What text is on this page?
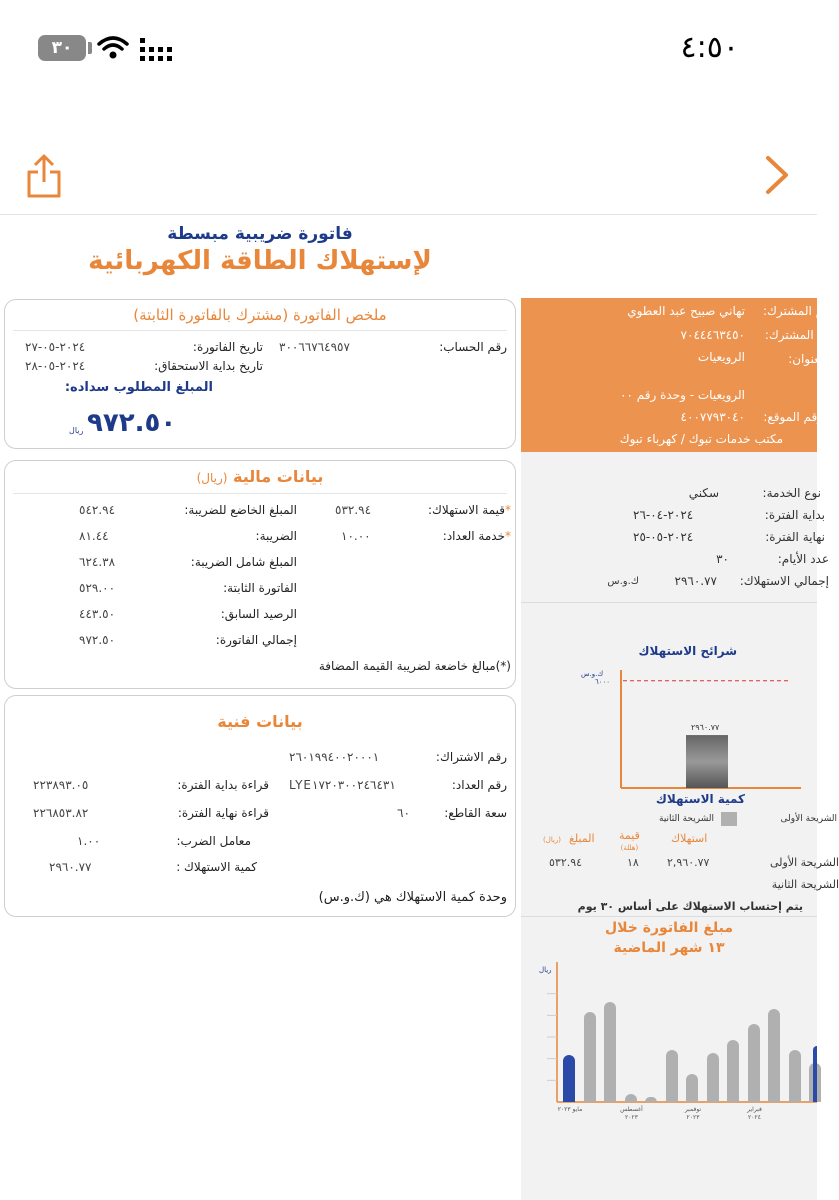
٣٠	٤:٥٠
فاتورة ضريبية مبسطة
لإستهلاك الطاقة الكهربائية
ملخص الفاتورة (مشترك بالفاتورة الثابتة)
رقم الحساب:
٣٠٠٦٦٧٦٤٩٥٧
تاريخ الفاتورة:
٢٠٢٤-٠٥-٢٧
تاريخ بداية الاستحقاق:
٢٠٢٤-٠٥-٢٨
المبلغ المطلوب سداده:
٩٧٢.٥٠
ريال
بيانات مالية (ريال)
*قيمة الاستهلاك:
٥٣٢.٩٤
*خدمة العداد:
١٠.٠٠
المبلغ الخاضع للضريبة:
٥٤٢.٩٤
الضريبة:
٨١.٤٤
المبلغ شامل الضريبة:
٦٢٤.٣٨
الفاتورة الثابتة:
٥٢٩.٠٠
الرصيد السابق:
٤٤٣.٥٠
إجمالي الفاتورة:
٩٧٢.٥٠
(*)مبالغ خاضعة لضريبة القيمة المضافة
بيانات فنية
رقم الاشتراك:
٢٦٠١٩٩٤٠٠٢٠٠٠١
رقم العداد:
LYE١٧٢٠٣٠٠٢٤٦٤٣١
سعة القاطع:
٦٠
قراءة بداية الفترة:
٢٢٣٨٩٣.٠٥
قراءة نهاية الفترة:
٢٢٦٨٥٣.٨٢
معامل الضرب:
١.٠٠
كمية الاستهلاك :
٢٩٦٠.٧٧
وحدة كمية الاستهلاك هي (ك.و.س)
اسم المشترك:
تهاني صبيح عبد العطوي
رقم المشترك:
٧٠٤٤٤٦٣٤٥٠
العنوان:
الرويعيات
الرويعيات - وحدة رقم ٠٠
رقم الموقع:
٤٠٠٧٧٩٣٠٤٠
مكتب خدمات تبوك / كهرباء تبوك
نوع الخدمة:
سكني
بداية الفترة:
٢٠٢٤-٠٤-٢٦
نهاية الفترة:
٢٠٢٤-٠٥-٢٥
عدد الأيام:
٣٠
إجمالي الاستهلاك:
٢٩٦٠.٧٧
ك.و.س
شرائح الاستهلاك
ك.و.س
٦٠٠٠
٢٩٦٠.٧٧
كمية الاستهلاك
الشريحة الأولى
الشريحة الثانية
استهلاك
قيمة
(هللة)
المبلغ
(ريال)
الشريحة الأولى
٢,٩٦٠.٧٧
١٨
٥٣٢.٩٤
الشريحة الثانية
يتم إحتساب الاستهلاك على أساس ٣٠ يوم
مبلغ الفاتورة خلال
١٣ شهر الماضية
ريال
مايو ٢٠٢٣	أغسطس ٢٠٢٣
نوفمبر ٢٠٢٣
فبراير ٢٠٢٤
